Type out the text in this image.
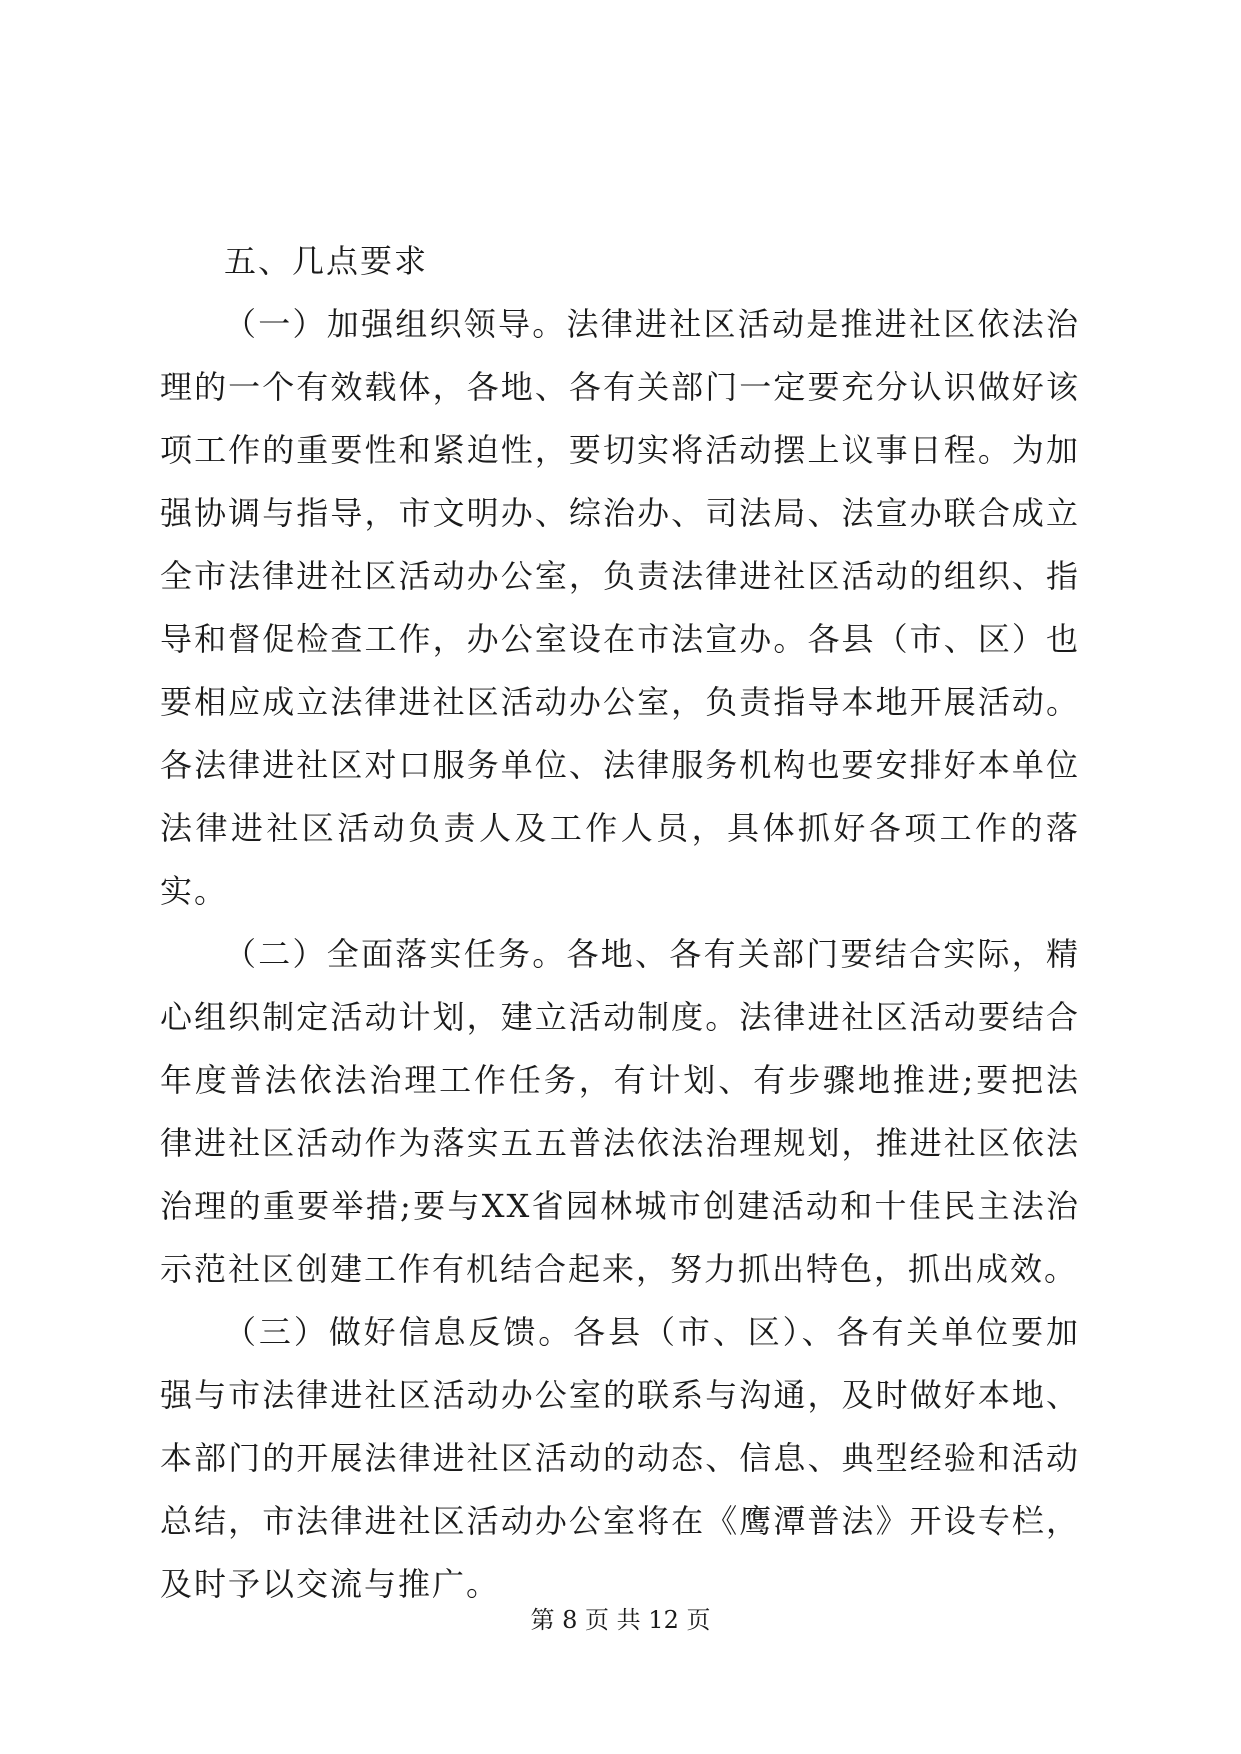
五、几点要求

（一）加强组织领导。法律进社区活动是推进社区依法治理的一个有效载体，各地、各有关部门一定要充分认识做好该项工作的重要性和紧迫性，要切实将活动摆上议事日程。为加强协调与指导，市文明办、综治办、司法局、法宣办联合成立全市法律进社区活动办公室，负责法律进社区活动的组织、指导和督促检查工作，办公室设在市法宣办。各县（市、区）也要相应成立法律进社区活动办公室，负责指导本地开展活动。各法律进社区对口服务单位、法律服务机构也要安排好本单位法律进社区活动负责人及工作人员，具体抓好各项工作的落实。

（二）全面落实任务。各地、各有关部门要结合实际，精心组织制定活动计划，建立活动制度。法律进社区活动要结合年度普法依法治理工作任务，有计划、有步骤地推进;要把法律进社区活动作为落实五五普法依法治理规划，推进社区依法治理的重要举措;要与XX省园林城市创建活动和十佳民主法治示范社区创建工作有机结合起来，努力抓出特色，抓出成效。

（三）做好信息反馈。各县（市、区）、各有关单位要加强与市法律进社区活动办公室的联系与沟通，及时做好本地、本部门的开展法律进社区活动的动态、信息、典型经验和活动总结，市法律进社区活动办公室将在《鹰潭普法》开设专栏，及时予以交流与推广。

第 8 页 共 12 页
